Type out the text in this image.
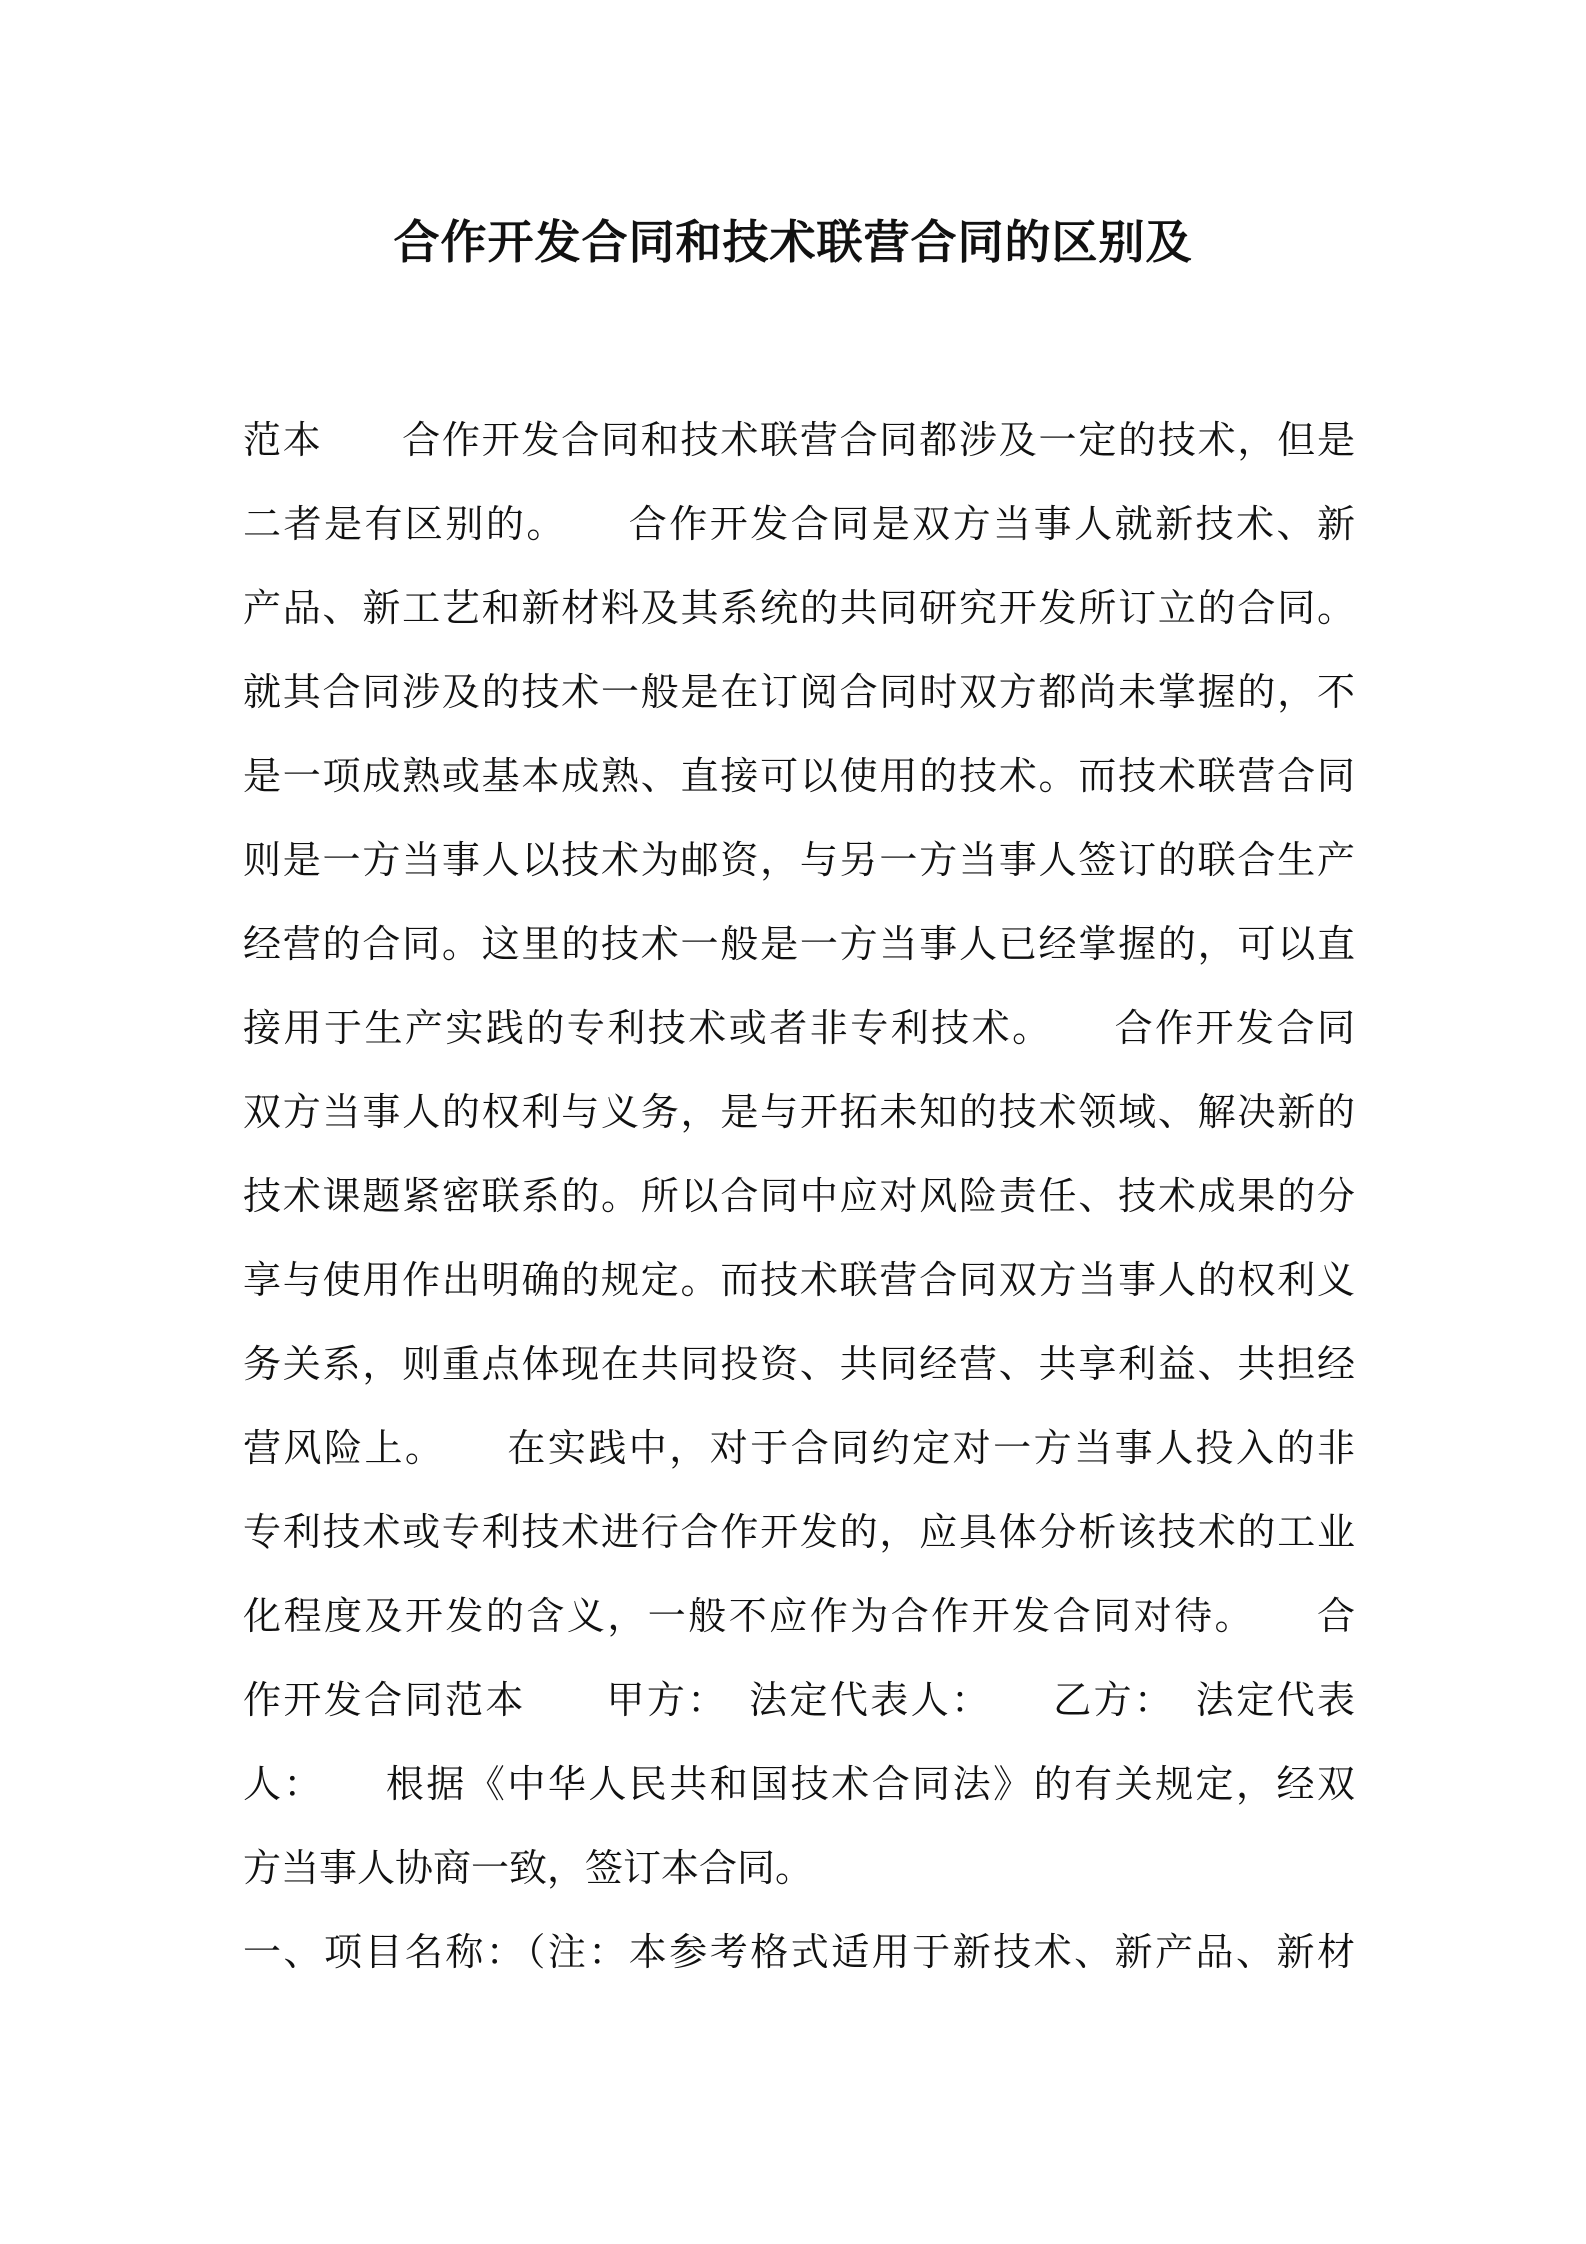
合作开发合同和技术联营合同的区别及
范本　　合作开发合同和技术联营合同都涉及一定的技术，但是
二者是有区别的。　　合作开发合同是双方当事人就新技术、新
产品、新工艺和新材料及其系统的共同研究开发所订立的合同。
就其合同涉及的技术一般是在订阅合同时双方都尚未掌握的，不
是一项成熟或基本成熟、直接可以使用的技术。而技术联营合同
则是一方当事人以技术为邮资，与另一方当事人签订的联合生产
经营的合同。这里的技术一般是一方当事人已经掌握的，可以直
接用于生产实践的专利技术或者非专利技术。　　合作开发合同
双方当事人的权利与义务，是与开拓未知的技术领域、解决新的
技术课题紧密联系的。所以合同中应对风险责任、技术成果的分
享与使用作出明确的规定。而技术联营合同双方当事人的权利义
务关系，则重点体现在共同投资、共同经营、共享利益、共担经
营风险上。　　在实践中，对于合同约定对一方当事人投入的非
专利技术或专利技术进行合作开发的，应具体分析该技术的工业
化程度及开发的含义，一般不应作为合作开发合同对待。　　合
作开发合同范本　　甲方：　法定代表人：　　乙方：　法定代表
人：　　根据《中华人民共和国技术合同法》的有关规定，经双
方当事人协商一致，签订本合同。
一、项目名称：（注：本参考格式适用于新技术、新产品、新材
